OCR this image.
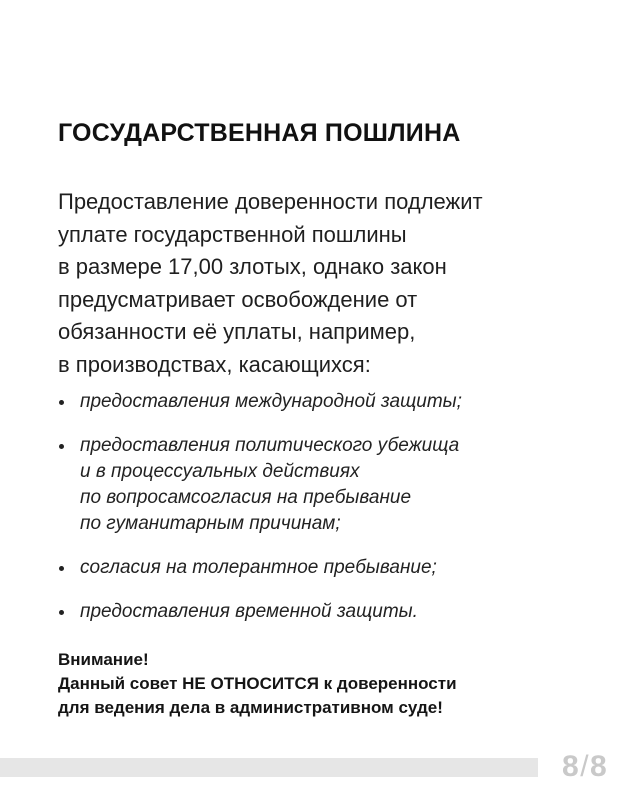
ГОСУДАРСТВЕННАЯ ПОШЛИНА
Предоставление доверенности подлежит
уплате государственной пошлины
в размере 17,00 злотых, однако закон
предусматривает освобождение от
обязанности её уплаты, например,
в производствах, касающихся:
предоставления международной защиты;
предоставления политического убежища
и в процессуальных действиях
по вопросамсогласия на пребывание
по гуманитарным причинам;
согласия на толерантное пребывание;
предоставления временной защиты.
Внимание!
Данный совет НЕ ОТНОСИТСЯ к доверенности
для ведения дела в административном суде!
8/8
